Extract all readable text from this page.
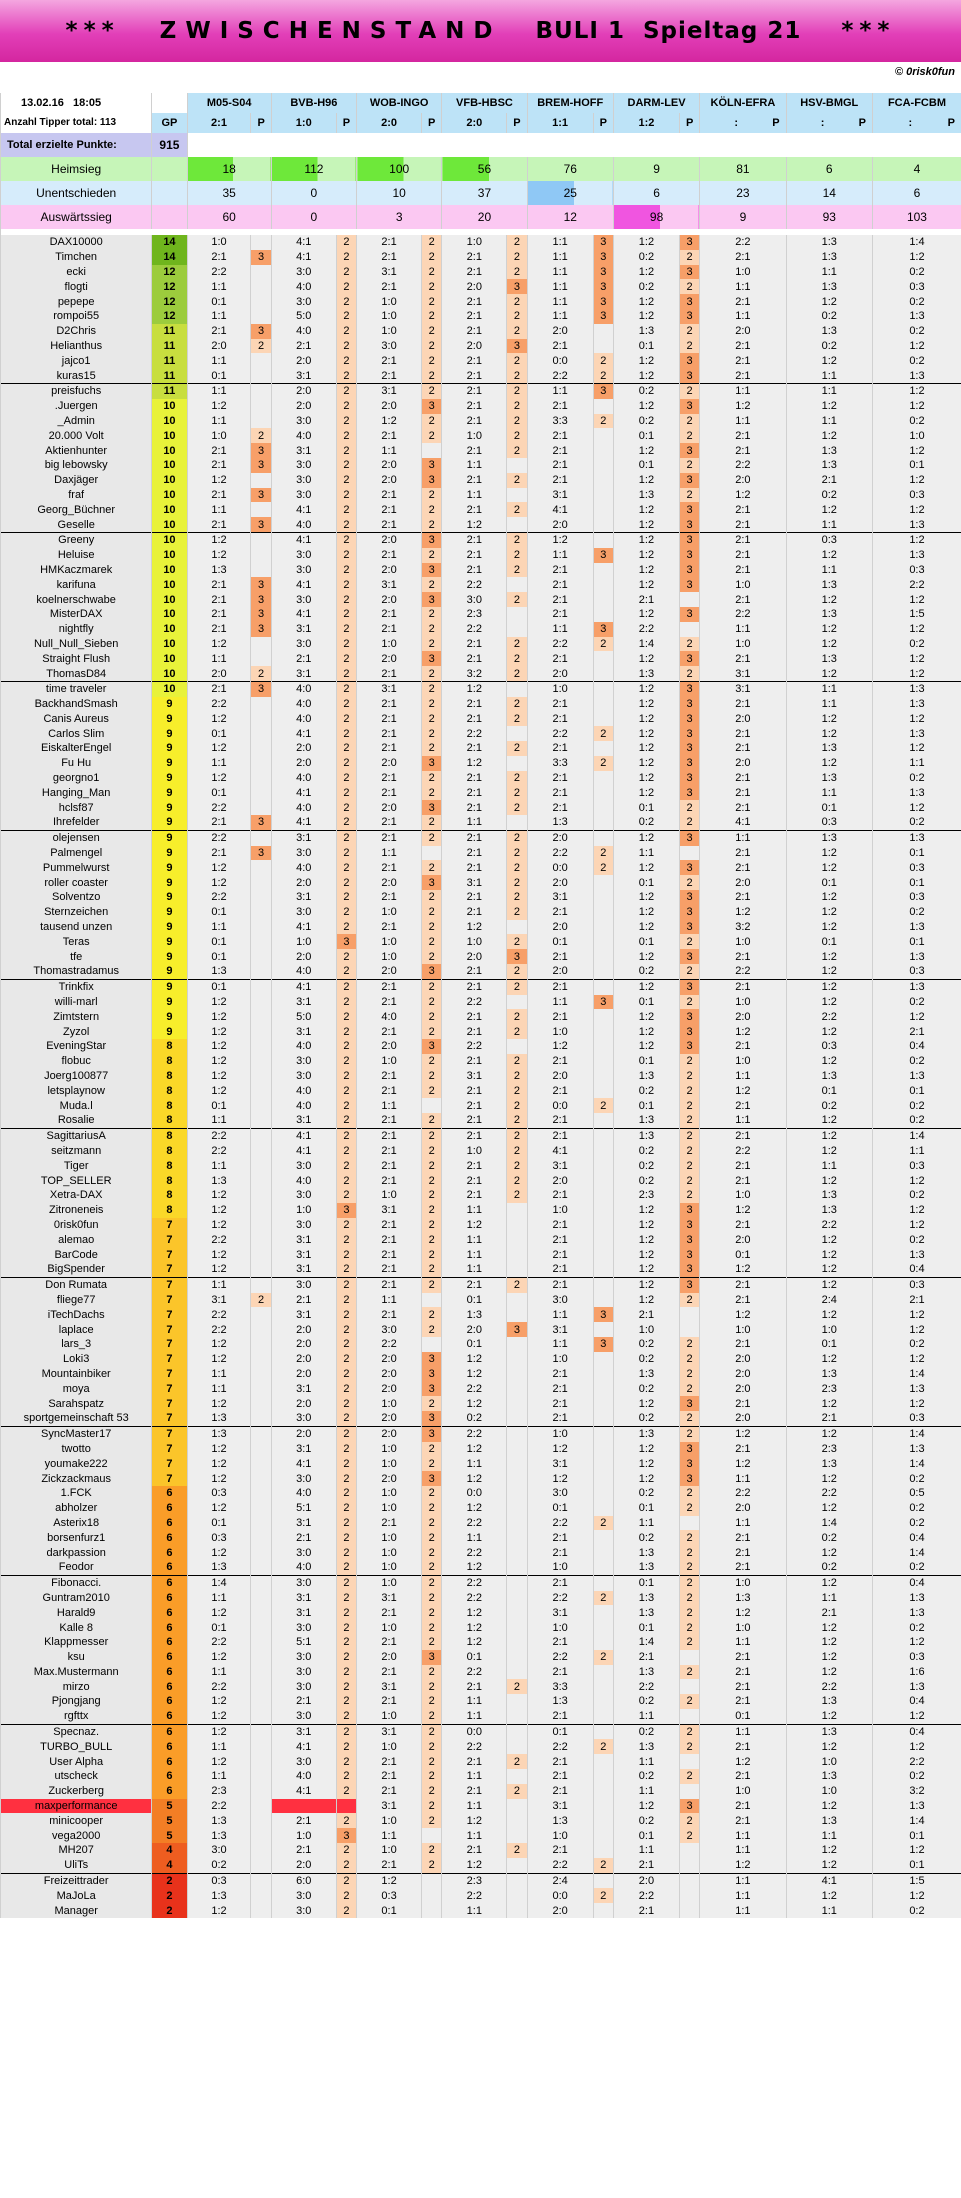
*** ZWISCHENSTAND BULI 1 Spieltag 21 ***
© 0risk0fun
13.02.16 18:05		M05-S04		BVB-H96		WOB-INGO		VFB-HBSC		BREM-HOFF		DARM-LEV		KÖLN-EFRA	HSV-BMGL	FCA-FCBM
Anzahl Tipper total: 113	GP	2:1	P	1:0	P	2:0	P	2:0	P	1:1	P	1:2	P	: P	: P	: P

Total erzielte Punkte:	915															
Heimsieg		18		112		100		56		76		9		81	6	4
Unentschieden		35		0		10		37		25		6		23	14	6
Auswärtssieg		60		0		3		20		12		98		9	93	103

DAX10000	14	1:0		4:1	2	2:1	2	1:0	2	1:1	3	1:2	3	2:2	1:3	1:4
Timchen	14	2:1	3	4:1	2	2:1	2	2:1	2	1:1	3	0:2	2	2:1	1:3	1:2
ecki	12	2:2		3:0	2	3:1	2	2:1	2	1:1	3	1:2	3	1:0	1:1	0:2
flogti	12	1:1		4:0	2	2:1	2	2:0	3	1:1	3	0:2	2	1:1	1:3	0:3
pepepe	12	0:1		3:0	2	1:0	2	2:1	2	1:1	3	1:2	3	2:1	1:2	0:2
rompoi55	12	1:1		5:0	2	1:0	2	2:1	2	1:1	3	1:2	3	1:1	0:2	1:3
D2Chris	11	2:1	3	4:0	2	1:0	2	2:1	2	2:0		1:3	2	2:0	1:3	0:2
Helianthus	11	2:0	2	2:1	2	3:0	2	2:0	3	2:1		0:1	2	2:1	0:2	1:2
jajco1	11	1:1		2:0	2	2:1	2	2:1	2	0:0	2	1:2	3	2:1	1:2	0:2
kuras15	11	0:1		3:1	2	2:1	2	2:1	2	2:2	2	1:2	3	2:1	1:1	1:3
preisfuchs	11	1:1		2:0	2	3:1	2	2:1	2	1:1	3	0:2	2	1:1	1:1	1:2
.Juergen	10	1:2		2:0	2	2:0	3	2:1	2	2:1		1:2	3	1:2	1:2	1:2
_Admin	10	1:1		3:0	2	1:2	2	2:1	2	3:3	2	0:2	2	1:1	1:1	0:2
20.000 Volt	10	1:0	2	4:0	2	2:1	2	1:0	2	2:1		0:1	2	2:1	1:2	1:0
Aktienhunter	10	2:1	3	3:1	2	1:1		2:1	2	2:1		1:2	3	2:1	1:3	1:2
big lebowsky	10	2:1	3	3:0	2	2:0	3	1:1		2:1		0:1	2	2:2	1:3	0:1
Daxjäger	10	1:2		3:0	2	2:0	3	2:1	2	2:1		1:2	3	2:0	2:1	1:2
fraf	10	2:1	3	3:0	2	2:1	2	1:1		3:1		1:3	2	1:2	0:2	0:3
Georg_Büchner	10	1:1		4:1	2	2:1	2	2:1	2	4:1		1:2	3	2:1	1:2	1:2
Geselle	10	2:1	3	4:0	2	2:1	2	1:2		2:0		1:2	3	2:1	1:1	1:3
Greeny	10	1:2		4:1	2	2:0	3	2:1	2	1:2		1:2	3	2:1	0:3	1:2
Heluise	10	1:2		3:0	2	2:1	2	2:1	2	1:1	3	1:2	3	2:1	1:2	1:3
HMKaczmarek	10	1:3		3:0	2	2:0	3	2:1	2	2:1		1:2	3	2:1	1:1	0:3
karifuna	10	2:1	3	4:1	2	3:1	2	2:2		2:1		1:2	3	1:0	1:3	2:2
koelnerschwabe	10	2:1	3	3:0	2	2:0	3	3:0	2	2:1		2:1		2:1	1:2	1:2
MisterDAX	10	2:1	3	4:1	2	2:1	2	2:3		2:1		1:2	3	2:2	1:3	1:5
nightfly	10	2:1	3	3:1	2	2:1	2	2:2		1:1	3	2:2		1:1	1:2	1:2
Null_Null_Sieben	10	1:2		3:0	2	1:0	2	2:1	2	2:2	2	1:4	2	1:0	1:2	0:2
Straight Flush	10	1:1		2:1	2	2:0	3	2:1	2	2:1		1:2	3	2:1	1:3	1:2
ThomasD84	10	2:0	2	3:1	2	2:1	2	3:2	2	2:0		1:3	2	3:1	1:2	1:2
time traveler	10	2:1	3	4:0	2	3:1	2	1:2		1:0		1:2	3	3:1	1:1	1:3
BackhandSmash	9	2:2		4:0	2	2:1	2	2:1	2	2:1		1:2	3	2:1	1:1	1:3
Canis Aureus	9	1:2		4:0	2	2:1	2	2:1	2	2:1		1:2	3	2:0	1:2	1:2
Carlos Slim	9	0:1		4:1	2	2:1	2	2:2		2:2	2	1:2	3	2:1	1:2	1:3
EiskalterEngel	9	1:2		2:0	2	2:1	2	2:1	2	2:1		1:2	3	2:1	1:3	1:2
Fu Hu	9	1:1		2:0	2	2:0	3	1:2		3:3	2	1:2	3	2:0	1:2	1:1
georgno1	9	1:2		4:0	2	2:1	2	2:1	2	2:1		1:2	3	2:1	1:3	0:2
Hanging_Man	9	0:1		4:1	2	2:1	2	2:1	2	2:1		1:2	3	2:1	1:1	1:3
hclsf87	9	2:2		4:0	2	2:0	3	2:1	2	2:1		0:1	2	2:1	0:1	1:2
Ihrefelder	9	2:1	3	4:1	2	2:1	2	1:1		1:3		0:2	2	4:1	0:3	0:2
olejensen	9	2:2		3:1	2	2:1	2	2:1	2	2:0		1:2	3	1:1	1:3	1:3
Palmengel	9	2:1	3	3:0	2	1:1		2:1	2	2:2	2	1:1		2:1	1:2	0:1
Pummelwurst	9	1:2		4:0	2	2:1	2	2:1	2	0:0	2	1:2	3	2:1	1:2	0:3
roller coaster	9	1:2		2:0	2	2:0	3	3:1	2	2:0		0:1	2	2:0	0:1	0:1
Solventzo	9	2:2		3:1	2	2:1	2	2:1	2	3:1		1:2	3	2:1	1:2	0:3
Sternzeichen	9	0:1		3:0	2	1:0	2	2:1	2	2:1		1:2	3	1:2	1:2	0:2
tausend unzen	9	1:1		4:1	2	2:1	2	1:2		2:0		1:2	3	3:2	1:2	1:3
Teras	9	0:1		1:0	3	1:0	2	1:0	2	0:1		0:1	2	1:0	0:1	0:1
tfe	9	0:1		2:0	2	1:0	2	2:0	3	2:1		1:2	3	2:1	1:2	1:3
Thomastradamus	9	1:3		4:0	2	2:0	3	2:1	2	2:0		0:2	2	2:2	1:2	0:3
Trinkfix	9	0:1		4:1	2	2:1	2	2:1	2	2:1		1:2	3	2:1	1:2	1:3
willi-marl	9	1:2		3:1	2	2:1	2	2:2		1:1	3	0:1	2	1:0	1:2	0:2
Zimtstern	9	1:2		5:0	2	4:0	2	2:1	2	2:1		1:2	3	2:0	2:2	1:2
Zyzol	9	1:2		3:1	2	2:1	2	2:1	2	1:0		1:2	3	1:2	1:2	2:1
EveningStar	8	1:2		4:0	2	2:0	3	2:2		1:2		1:2	3	2:1	0:3	0:4
flobuc	8	1:2		3:0	2	1:0	2	2:1	2	2:1		0:1	2	1:0	1:2	0:2
Joerg100877	8	1:2		3:0	2	2:1	2	3:1	2	2:0		1:3	2	1:1	1:3	1:3
letsplaynow	8	1:2		4:0	2	2:1	2	2:1	2	2:1		0:2	2	1:2	0:1	0:1
Muda.l	8	0:1		4:0	2	1:1		2:1	2	0:0	2	0:1	2	2:1	0:2	0:2
Rosalie	8	1:1		3:1	2	2:1	2	2:1	2	2:1		1:3	2	1:1	1:2	0:2
SagittariusA	8	2:2		4:1	2	2:1	2	2:1	2	2:1		1:3	2	2:1	1:2	1:4
seitzmann	8	2:2		4:1	2	2:1	2	1:0	2	4:1		0:2	2	2:2	1:2	1:1
Tiger	8	1:1		3:0	2	2:1	2	2:1	2	3:1		0:2	2	2:1	1:1	0:3
TOP_SELLER	8	1:3		4:0	2	2:1	2	2:1	2	2:0		0:2	2	2:1	1:2	1:2
Xetra-DAX	8	1:2		3:0	2	1:0	2	2:1	2	2:1		2:3	2	1:0	1:3	0:2
Zitroneneis	8	1:2		1:0	3	3:1	2	1:1		1:0		1:2	3	1:2	1:3	1:2
0risk0fun	7	1:2		3:0	2	2:1	2	1:2		2:1		1:2	3	2:1	2:2	1:2
alemao	7	2:2		3:1	2	2:1	2	1:1		2:1		1:2	3	2:0	1:2	0:2
BarCode	7	1:2		3:1	2	2:1	2	1:1		2:1		1:2	3	0:1	1:2	1:3
BigSpender	7	1:2		3:1	2	2:1	2	1:1		2:1		1:2	3	1:2	1:2	0:4
Don Rumata	7	1:1		3:0	2	2:1	2	2:1	2	2:1		1:2	3	2:1	1:2	0:3
fliege77	7	3:1	2	2:1	2	1:1		0:1		3:0		1:2	2	2:1	2:4	2:1
iTechDachs	7	2:2		3:1	2	2:1	2	1:3		1:1	3	2:1		1:2	1:2	1:2
laplace	7	2:2		2:0	2	3:0	2	2:0	3	3:1		1:0		1:0	1:0	1:2
lars_3	7	1:2		2:0	2	2:2		0:1		1:1	3	0:2	2	2:1	0:1	0:2
Loki3	7	1:2		2:0	2	2:0	3	1:2		1:0		0:2	2	2:0	1:2	1:2
Mountainbiker	7	1:1		2:0	2	2:0	3	1:2		2:1		1:3	2	2:0	1:3	1:4
moya	7	1:1		3:1	2	2:0	3	2:2		2:1		0:2	2	2:0	2:3	1:3
Sarahspatz	7	1:2		2:0	2	1:0	2	1:2		2:1		1:2	3	2:1	1:2	1:2
sportgemeinschaft 53	7	1:3		3:0	2	2:0	3	0:2		2:1		0:2	2	2:0	2:1	0:3
SyncMaster17	7	1:3		2:0	2	2:0	3	2:2		1:0		1:3	2	1:2	1:2	1:4
twotto	7	1:2		3:1	2	1:0	2	1:2		1:2		1:2	3	2:1	2:3	1:3
youmake222	7	1:2		4:1	2	1:0	2	1:1		3:1		1:2	3	1:2	1:3	1:4
Zickzackmaus	7	1:2		3:0	2	2:0	3	1:2		1:2		1:2	3	1:1	1:2	0:2
1.FCK	6	0:3		4:0	2	1:0	2	0:0		3:0		0:2	2	2:2	2:2	0:5
abholzer	6	1:2		5:1	2	1:0	2	1:2		0:1		0:1	2	2:0	1:2	0:2
Asterix18	6	0:1		3:1	2	2:1	2	2:2		2:2	2	1:1		1:1	1:4	0:2
borsenfurz1	6	0:3		2:1	2	1:0	2	1:1		2:1		0:2	2	2:1	0:2	0:4
darkpassion	6	1:2		3:0	2	1:0	2	2:2		2:1		1:3	2	2:1	1:2	1:4
Feodor	6	1:3		4:0	2	1:0	2	1:2		1:0		1:3	2	2:1	0:2	0:2
Fibonacci.	6	1:4		3:0	2	1:0	2	2:2		2:1		0:1	2	1:0	1:2	0:4
Guntram2010	6	1:1		3:1	2	3:1	2	2:2		2:2	2	1:3	2	1:3	1:1	1:3
Harald9	6	1:2		3:1	2	2:1	2	1:2		3:1		1:3	2	1:2	2:1	1:3
Kalle 8	6	0:1		3:0	2	1:0	2	1:2		1:0		0:1	2	1:0	1:2	0:2
Klappmesser	6	2:2		5:1	2	2:1	2	1:2		2:1		1:4	2	1:1	1:2	1:2
ksu	6	1:2		3:0	2	2:0	3	0:1		2:2	2	2:1		2:1	1:2	0:3
Max.Mustermann	6	1:1		3:0	2	2:1	2	2:2		2:1		1:3	2	2:1	1:2	1:6
mirzo	6	2:2		3:0	2	3:1	2	2:1	2	3:3		2:2		2:1	2:2	1:3
Pjongjang	6	1:2		2:1	2	2:1	2	1:1		1:3		0:2	2	2:1	1:3	0:4
rgfttx	6	1:2		3:0	2	1:0	2	1:1		2:1		1:1		0:1	1:2	1:2
Specnaz.	6	1:2		3:1	2	3:1	2	0:0		0:1		0:2	2	1:1	1:3	0:4
TURBO_BULL	6	1:1		4:1	2	1:0	2	2:2		2:2	2	1:3	2	2:1	1:2	1:2
User Alpha	6	1:2		3:0	2	2:1	2	2:1	2	2:1		1:1		1:2	1:0	2:2
utscheck	6	1:1		4:0	2	2:1	2	1:1		2:1		0:2	2	2:1	1:3	0:2
Zuckerberg	6	2:3		4:1	2	2:1	2	2:1	2	2:1		1:1		1:0	1:0	3:2
maxperformance	5	2:2				3:1	2	1:1		3:1		1:2	3	2:1	1:2	1:3
minicooper	5	1:3		2:1	2	1:0	2	1:2		1:3		0:2	2	2:1	1:3	1:4
vega2000	5	1:3		1:0	3	1:1		1:1		1:0		0:1	2	1:1	1:1	0:1
MH207	4	3:0		2:1	2	1:0	2	2:1	2	2:1		1:1		1:1	1:2	1:2
UliTs	4	0:2		2:0	2	2:1	2	1:2		2:2	2	2:1		1:2	1:2	0:1
Freizeittrader	2	0:3		6:0	2	1:2		2:3		2:4		2:0		1:1	4:1	1:5
MaJoLa	2	1:3		3:0	2	0:3		2:2		0:0	2	2:2		1:1	1:2	1:2
Manager	2	1:2		3:0	2	0:1		1:1		2:0		2:1		1:1	1:1	0:2
